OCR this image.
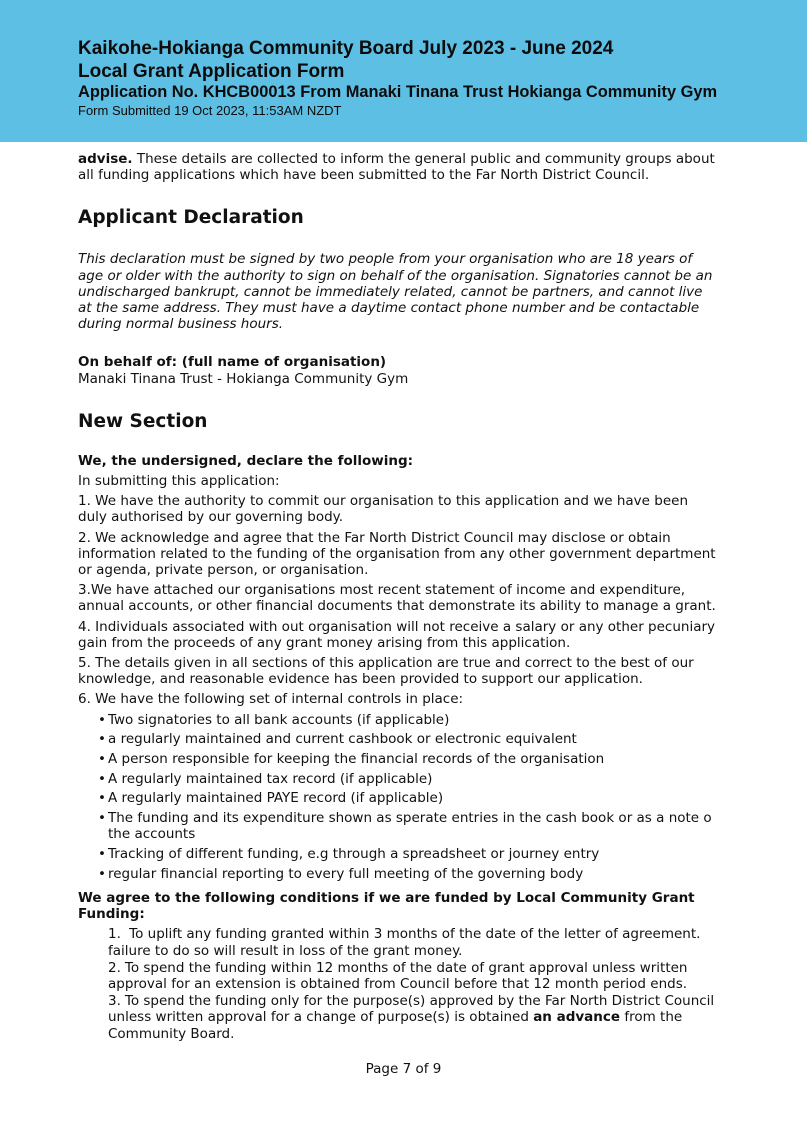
Kaikohe-Hokianga Community Board July 2023 - June 2024
Local Grant Application Form
Application No. KHCB00013 From Manaki Tinana Trust Hokianga Community Gym
Form Submitted 19 Oct 2023, 11:53AM NZDT

advise. These details are collected to inform the general public and community groups about all funding applications which have been submitted to the Far North District Council.

Applicant Declaration

This declaration must be signed by two people from your organisation who are 18 years of age or older with the authority to sign on behalf of the organisation. Signatories cannot be an undischarged bankrupt, cannot be immediately related, cannot be partners, and cannot live at the same address. They must have a daytime contact phone number and be contactable during normal business hours.

On behalf of: (full name of organisation)

Manaki Tinana Trust - Hokianga Community Gym

New Section

We, the undersigned, declare the following:

In submitting this application:

1. We have the authority to commit our organisation to this application and we have been duly authorised by our governing body.

2. We acknowledge and agree that the Far North District Council may disclose or obtain information related to the funding of the organisation from any other government department or agenda, private person, or organisation.

3.We have attached our organisations most recent statement of income and expenditure, annual accounts, or other financial documents that demonstrate its ability to manage a grant.

4. Individuals associated with out organisation will not receive a salary or any other pecuniary gain from the proceeds of any grant money arising from this application.

5. The details given in all sections of this application are true and correct to the best of our knowledge, and reasonable evidence has been provided to support our application.

6. We have the following set of internal controls in place:

• Two signatories to all bank accounts (if applicable)
• a regularly maintained and current cashbook or electronic equivalent
• A person responsible for keeping the financial records of the organisation
• A regularly maintained tax record (if applicable)
• A regularly maintained PAYE record (if applicable)
• The funding and its expenditure shown as sperate entries in the cash book or as a note o the accounts
• Tracking of different funding, e.g through a spreadsheet or journey entry
• regular financial reporting to every full meeting of the governing body

We agree to the following conditions if we are funded by Local Community Grant Funding:

1. To uplift any funding granted within 3 months of the date of the letter of agreement. failure to do so will result in loss of the grant money.
2. To spend the funding within 12 months of the date of grant approval unless written approval for an extension is obtained from Council before that 12 month period ends.
3. To spend the funding only for the purpose(s) approved by the Far North District Council unless written approval for a change of purpose(s) is obtained an advance from the Community Board.
Page 7 of 9
